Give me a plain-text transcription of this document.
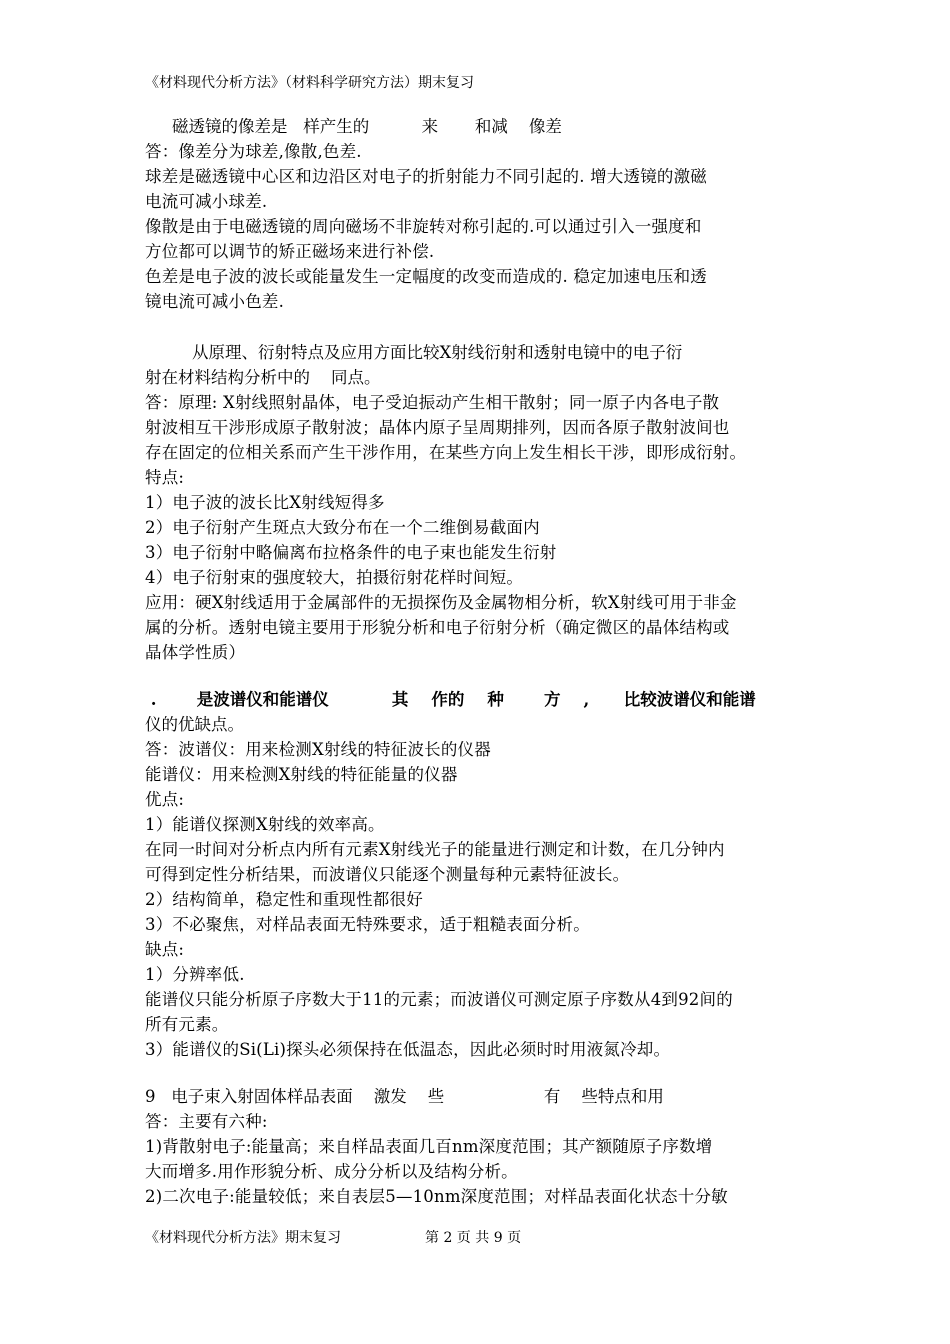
《材料现代分析方法》（材料科学研究方法）期末复习
磁透镜的像差是   样产生的          来       和减    像差
答：像差分为球差,像散,色差.
球差是磁透镜中心区和边沿区对电子的折射能力不同引起的. 增大透镜的激磁
电流可减小球差.
像散是由于电磁透镜的周向磁场不非旋转对称引起的.可以通过引入一强度和
方位都可以调节的矫正磁场来进行补偿.
色差是电子波的波长或能量发生一定幅度的改变而造成的. 稳定加速电压和透
镜电流可减小色差.
从原理、衍射特点及应用方面比较X射线衍射和透射电镜中的电子衍
射在材料结构分析中的    同点。
答：原理: X射线照射晶体，电子受迫振动产生相干散射；同一原子内各电子散
射波相互干涉形成原子散射波；晶体内原子呈周期排列，因而各原子散射波间也
存在固定的位相关系而产生干涉作用，在某些方向上发生相长干涉，即形成衍射。
特点:
1）电子波的波长比X射线短得多
2）电子衍射产生斑点大致分布在一个二维倒易截面内
3）电子衍射中略偏离布拉格条件的电子束也能发生衍射
4）电子衍射束的强度较大，拍摄衍射花样时间短。
应用：硬X射线适用于金属部件的无损探伤及金属物相分析，软X射线可用于非金
属的分析。透射电镜主要用于形貌分析和电子衍射分析（确定微区的晶体结构或
晶体学性质）
.       是波谱仪和能谱仪           其    作的    种       方    ,      比较波谱仪和能谱
仪的优缺点。
答：波谱仪：用来检测X射线的特征波长的仪器
能谱仪：用来检测X射线的特征能量的仪器
优点:
1）能谱仪探测X射线的效率高。
在同一时间对分析点内所有元素X射线光子的能量进行测定和计数，在几分钟内
可得到定性分析结果，而波谱仪只能逐个测量每种元素特征波长。
2）结构简单，稳定性和重现性都很好
3）不必聚焦，对样品表面无特殊要求，适于粗糙表面分析。
缺点:
1）分辨率低.
能谱仪只能分析原子序数大于11的元素；而波谱仪可测定原子序数从4到92间的
所有元素。
3）能谱仪的Si(Li)探头必须保持在低温态，因此必须时时用液氮冷却。
9   电子束入射固体样品表面    激发    些                   有    些特点和用
答：主要有六种:
1)背散射电子:能量高；来自样品表面几百nm深度范围；其产额随原子序数增
大而增多.用作形貌分析、成分分析以及结构分析。
2)二次电子:能量较低；来自表层5—10nm深度范围；对样品表面化状态十分敏
《材料现代分析方法》期末复习	第 2 页 共 9 页
